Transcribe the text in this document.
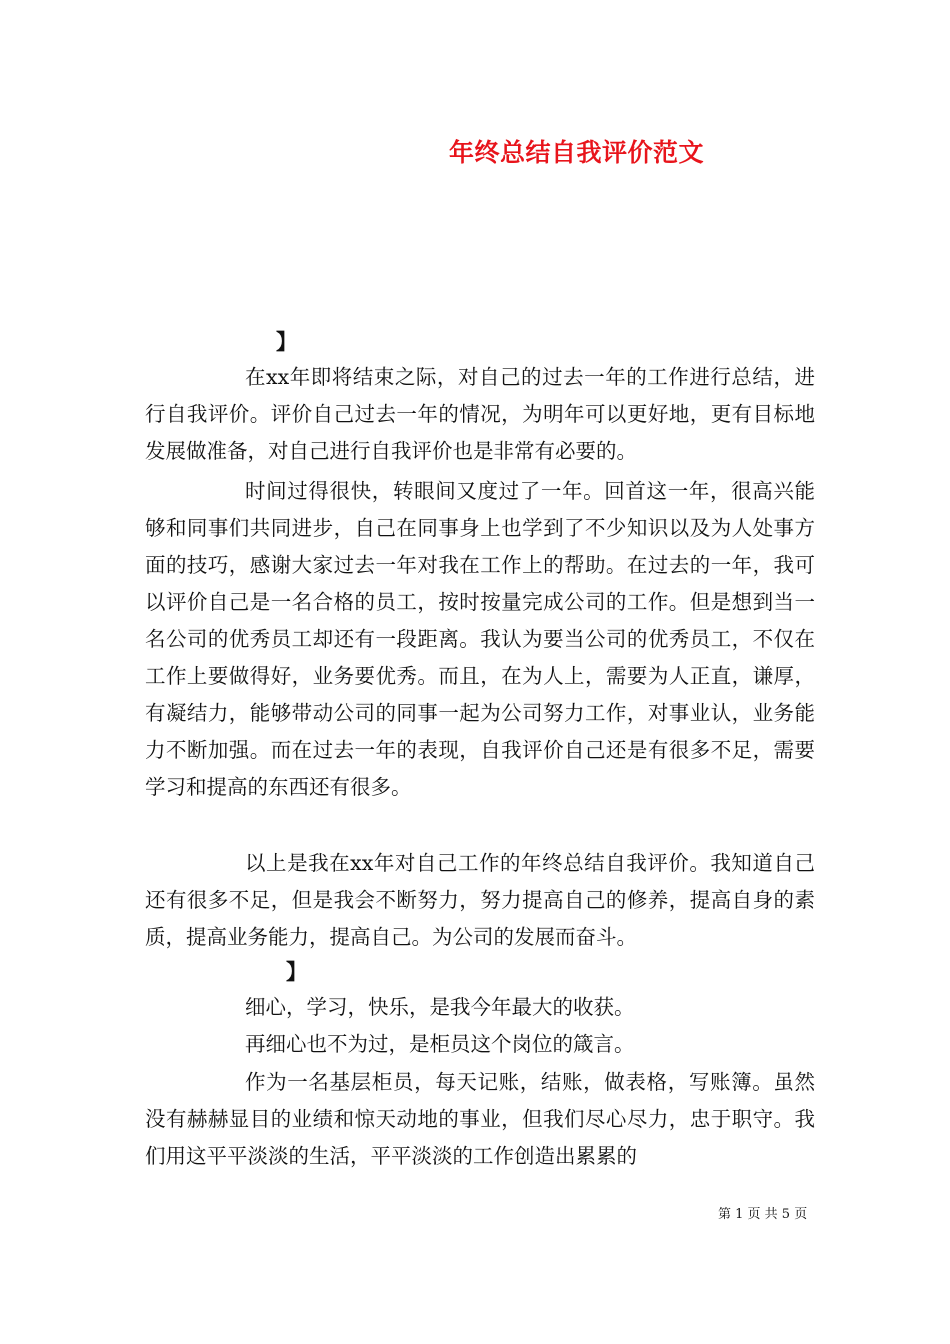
年终总结自我评价范文
】
在xx年即将结束之际，对自己的过去一年的工作进行总结，进行自我评价。评价自己过去一年的情况，为明年可以更好地，更有目标地发展做准备，对自己进行自我评价也是非常有必要的。
时间过得很快，转眼间又度过了一年。回首这一年，很高兴能够和同事们共同进步，自己在同事身上也学到了不少知识以及为人处事方面的技巧，感谢大家过去一年对我在工作上的帮助。在过去的一年，我可以评价自己是一名合格的员工，按时按量完成公司的工作。但是想到当一名公司的优秀员工却还有一段距离。我认为要当公司的优秀员工，不仅在工作上要做得好，业务要优秀。而且，在为人上，需要为人正直，谦厚，有凝结力，能够带动公司的同事一起为公司努力工作，对事业认，业务能力不断加强。而在过去一年的表现，自我评价自己还是有很多不足，需要学习和提高的东西还有很多。
以上是我在xx年对自己工作的年终总结自我评价。我知道自己还有很多不足，但是我会不断努力，努力提高自己的修养，提高自身的素质，提高业务能力，提高自己。为公司的发展而奋斗。
】
细心，学习，快乐，是我今年最大的收获。
再细心也不为过，是柜员这个岗位的箴言。
作为一名基层柜员，每天记账，结账，做表格，写账簿。虽然没有赫赫显目的业绩和惊天动地的事业，但我们尽心尽力，忠于职守。我们用这平平淡淡的生活，平平淡淡的工作创造出累累的
第 1 页 共 5 页
